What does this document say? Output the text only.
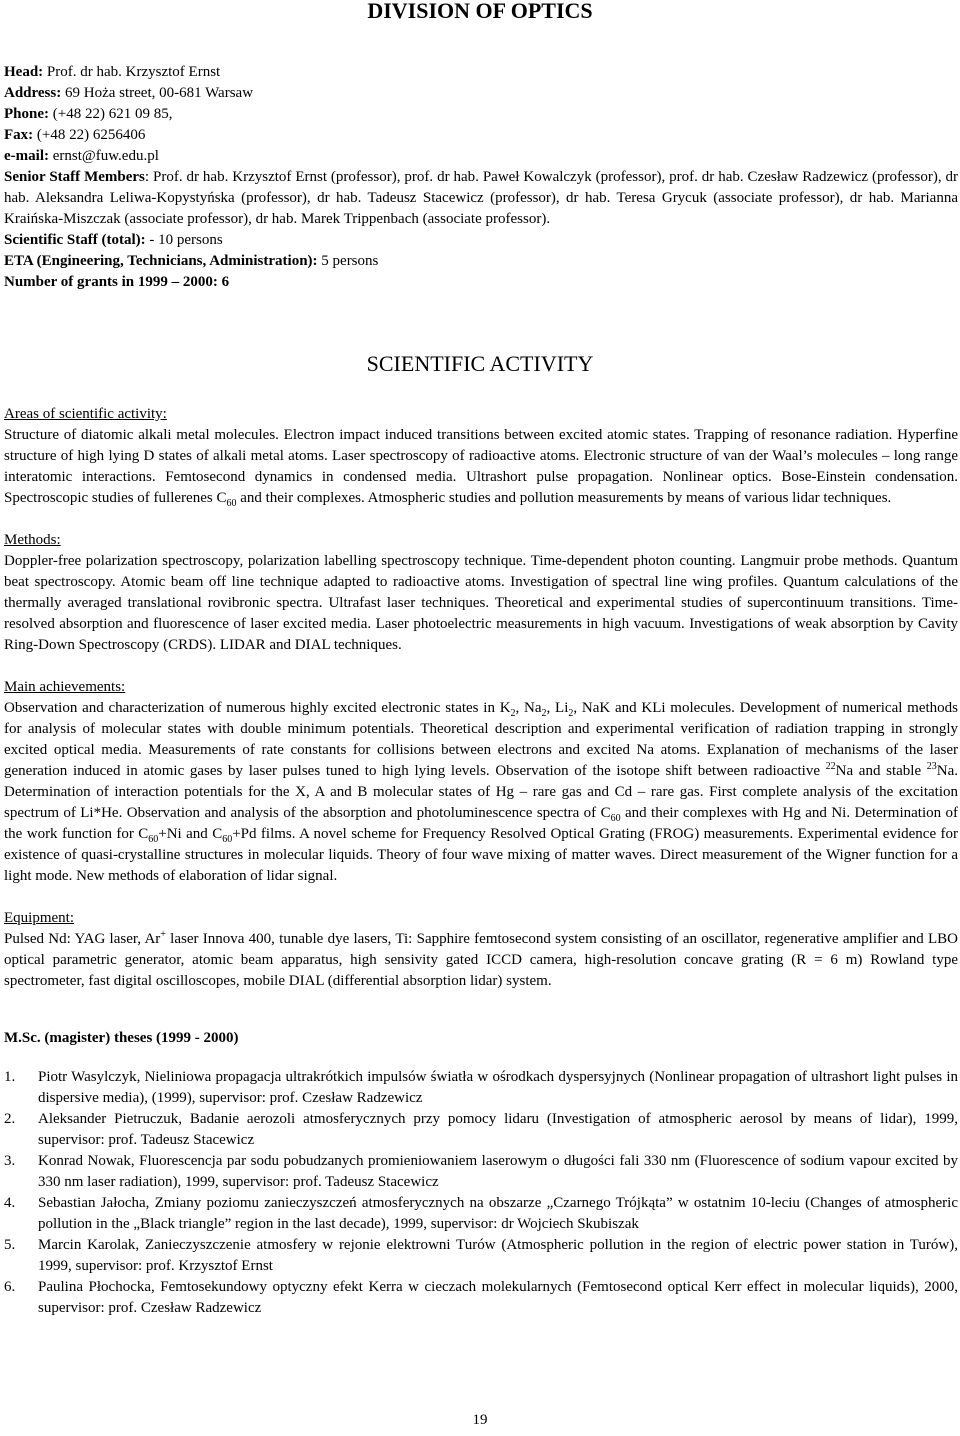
DIVISION OF OPTICS

Head: Prof. dr hab. Krzysztof Ernst

Address: 69 Hoża street, 00-681 Warsaw

Phone: (+48 22) 621 09 85,

Fax: (+48 22) 6256406

e-mail: ernst@fuw.edu.pl

Senior Staff Members: Prof. dr hab. Krzysztof Ernst (professor), prof. dr hab. Paweł Kowalczyk (professor), prof. dr hab. Czesław Radzewicz (professor), dr hab. Aleksandra Leliwa-Kopystyńska (professor), dr hab. Tadeusz Stacewicz (professor), dr hab. Teresa Grycuk (associate professor), dr hab. Marianna Kraińska-Miszczak (associate professor), dr hab. Marek Trippenbach (associate professor).

Scientific Staff (total): - 10 persons

ETA (Engineering, Technicians, Administration): 5 persons

Number of grants in 1999 – 2000: 6

SCIENTIFIC ACTIVITY

Areas of scientific activity:

Structure of diatomic alkali metal molecules. Electron impact induced transitions between excited atomic states. Trapping of resonance radiation. Hyperfine structure of high lying D states of alkali metal atoms. Laser spectroscopy of radioactive atoms. Electronic structure of van der Waal’s molecules – long range interatomic interactions. Femtosecond dynamics in condensed media. Ultrashort pulse propagation. Nonlinear optics. Bose-Einstein condensation. Spectroscopic studies of fullerenes $C_{60}$ and their complexes. Atmospheric studies and pollution measurements by means of various lidar techniques.

Methods:

Doppler-free polarization spectroscopy, polarization labelling spectroscopy technique. Time-dependent photon counting. Langmuir probe methods. Quantum beat spectroscopy. Atomic beam off line technique adapted to radioactive atoms. Investigation of spectral line wing profiles. Quantum calculations of the thermally averaged translational rovibronic spectra. Ultrafast laser techniques. Theoretical and experimental studies of supercontinuum transitions. Time-resolved absorption and fluorescence of laser excited media. Laser photoelectric measurements in high vacuum. Investigations of weak absorption by Cavity Ring-Down Spectroscopy (CRDS). LIDAR and DIAL techniques.

Main achievements:

Observation and characterization of numerous highly excited electronic states in $K_2$, $Na_2$, $Li_2$, NaK and KLi molecules. Development of numerical methods for analysis of molecular states with double minimum potentials. Theoretical description and experimental verification of radiation trapping in strongly excited optical media. Measurements of rate constants for collisions between electrons and excited Na atoms. Explanation of mechanisms of the laser generation induced in atomic gases by laser pulses tuned to high lying levels. Observation of the isotope shift between radioactive $^{22}$Na and stable $^{23}$Na. Determination of interaction potentials for the X, A and B molecular states of Hg – rare gas and Cd – rare gas. First complete analysis of the excitation spectrum of Li*He. Observation and analysis of the absorption and photoluminescence spectra of $C_{60}$ and their complexes with Hg and Ni. Determination of the work function for $C_{60}+Ni$ and $C_{60}+Pd$ films. A novel scheme for Frequency Resolved Optical Grating (FROG) measurements. Experimental evidence for existence of quasi-crystalline structures in molecular liquids. Theory of four wave mixing of matter waves. Direct measurement of the Wigner function for a light mode. New methods of elaboration of lidar signal.

Equipment:

Pulsed Nd: YAG laser, Ar+ laser Innova 400, tunable dye lasers, Ti: Sapphire femtosecond system consisting of an oscillator, regenerative amplifier and LBO optical parametric generator, atomic beam apparatus, high sensivity gated ICCD camera, high-resolution concave grating (R = 6 m) Rowland type spectrometer, fast digital oscilloscopes, mobile DIAL (differential absorption lidar) system.

M.Sc. (magister) theses (1999 - 2000)

1.	Piotr Wasylczyk, Nieliniowa propagacja ultrakrótkich impulsów światła w ośrodkach dyspersyjnych (Nonlinear propagation of ultrashort light pulses in dispersive media), (1999), supervisor: prof. Czesław Radzewicz
2.	Aleksander Pietruczuk, Badanie aerozoli atmosferycznych przy pomocy lidaru (Investigation of atmospheric aerosol by means of lidar), 1999, supervisor: prof. Tadeusz Stacewicz
3.	Konrad Nowak, Fluorescencja par sodu pobudzanych promieniowaniem laserowym o długości fali 330 nm (Fluorescence of sodium vapour excited by 330 nm laser radiation), 1999, supervisor: prof. Tadeusz Stacewicz
4.	Sebastian Jałocha, Zmiany poziomu zanieczyszczeń atmosferycznych na obszarze „Czarnego Trójkąta” w ostatnim 10-leciu (Changes of atmospheric pollution in the „Black triangle” region in the last decade), 1999, supervisor: dr Wojciech Skubiszak
5.	Marcin Karolak, Zanieczyszczenie atmosfery w rejonie elektrowni Turów (Atmospheric pollution in the region of electric power station in Turów), 1999, supervisor: prof. Krzysztof Ernst
6.	Paulina Płochocka, Femtosekundowy optyczny efekt Kerra w cieczach molekularnych (Femtosecond optical Kerr effect in molecular liquids), 2000, supervisor: prof. Czesław Radzewicz
19
